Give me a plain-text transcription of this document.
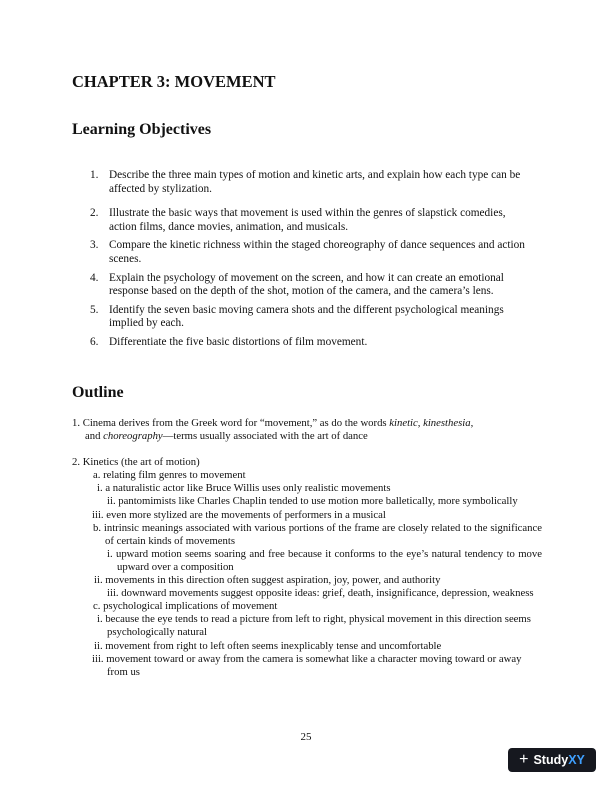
CHAPTER 3: MOVEMENT
Learning Objectives
1. Describe the three main types of motion and kinetic arts, and explain how each type can be affected by stylization.
2. Illustrate the basic ways that movement is used within the genres of slapstick comedies, action films, dance movies, animation, and musicals.
3. Compare the kinetic richness within the staged choreography of dance sequences and action scenes.
4. Explain the psychology of movement on the screen, and how it can create an emotional response based on the depth of the shot, motion of the camera, and the camera’s lens.
5. Identify the seven basic moving camera shots and the different psychological meanings implied by each.
6. Differentiate the five basic distortions of film movement.
Outline

1. Cinema derives from the Greek word for “movement,” as do the words kinetic, kinesthesia,

and choreography—terms usually associated with the art of dance

2. Kinetics (the art of motion)

a. relating film genres to movement

i. a naturalistic actor like Bruce Willis uses only realistic movements

ii. pantomimists like Charles Chaplin tended to use motion more balletically, more symbolically

iii. even more stylized are the movements of performers in a musical

b. intrinsic meanings associated with various portions of the frame are closely related to the significance of certain kinds of movements

i. upward motion seems soaring and free because it conforms to the eye’s natural tendency to move upward over a composition

ii. movements in this direction often suggest aspiration, joy, power, and authority

iii. downward movements suggest opposite ideas: grief, death, insignificance, depression, weakness

c. psychological implications of movement

i. because the eye tends to read a picture from left to right, physical movement in this direction seems psychologically natural

ii. movement from right to left often seems inexplicably tense and uncomfortable

iii. movement toward or away from the camera is somewhat like a character moving toward or away from us

25
+ StudyXY
